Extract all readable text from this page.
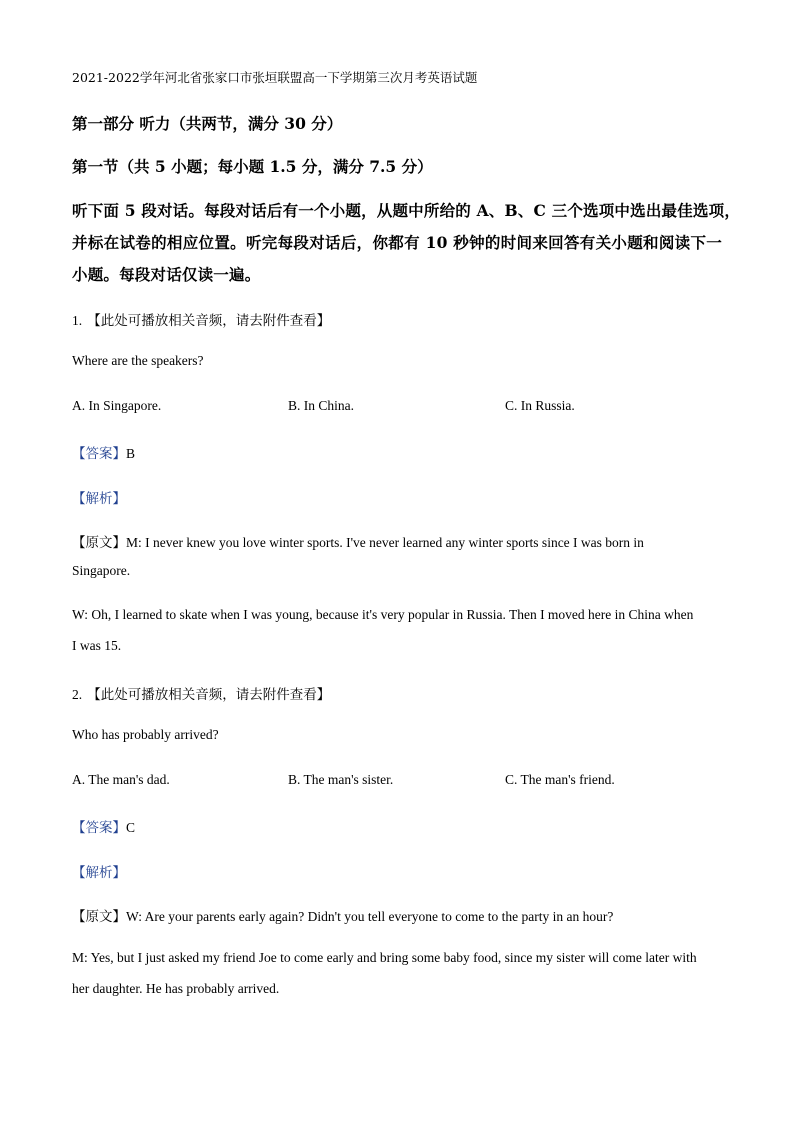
2021-2022学年河北省张家口市张垣联盟高一下学期第三次月考英语试题
第一部分 听力（共两节，满分 30 分）
第一节（共 5 小题；每小题 1.5 分，满分 7.5 分）
听下面 5 段对话。每段对话后有一个小题，从题中所给的 A、B、C 三个选项中选出最佳选项，
并标在试卷的相应位置。听完每段对话后，你都有 10 秒钟的时间来回答有关小题和阅读下一
小题。每段对话仅读一遍。
1. 【此处可播放相关音频，请去附件查看】
Where are the speakers?
A. In Singapore.	B. In China.	C. In Russia.
【答案】B
【解析】
【原文】M: I never knew you love winter sports. I've never learned any winter sports since I was born in
Singapore.
W: Oh, I learned to skate when I was young, because it's very popular in Russia. Then I moved here in China when
I was 15.
2. 【此处可播放相关音频，请去附件查看】
Who has probably arrived?
A. The man's dad.	B. The man's sister.	C. The man's friend.
【答案】C
【解析】
【原文】W: Are your parents early again? Didn't you tell everyone to come to the party in an hour?
M: Yes, but I just asked my friend Joe to come early and bring some baby food, since my sister will come later with
her daughter. He has probably arrived.
